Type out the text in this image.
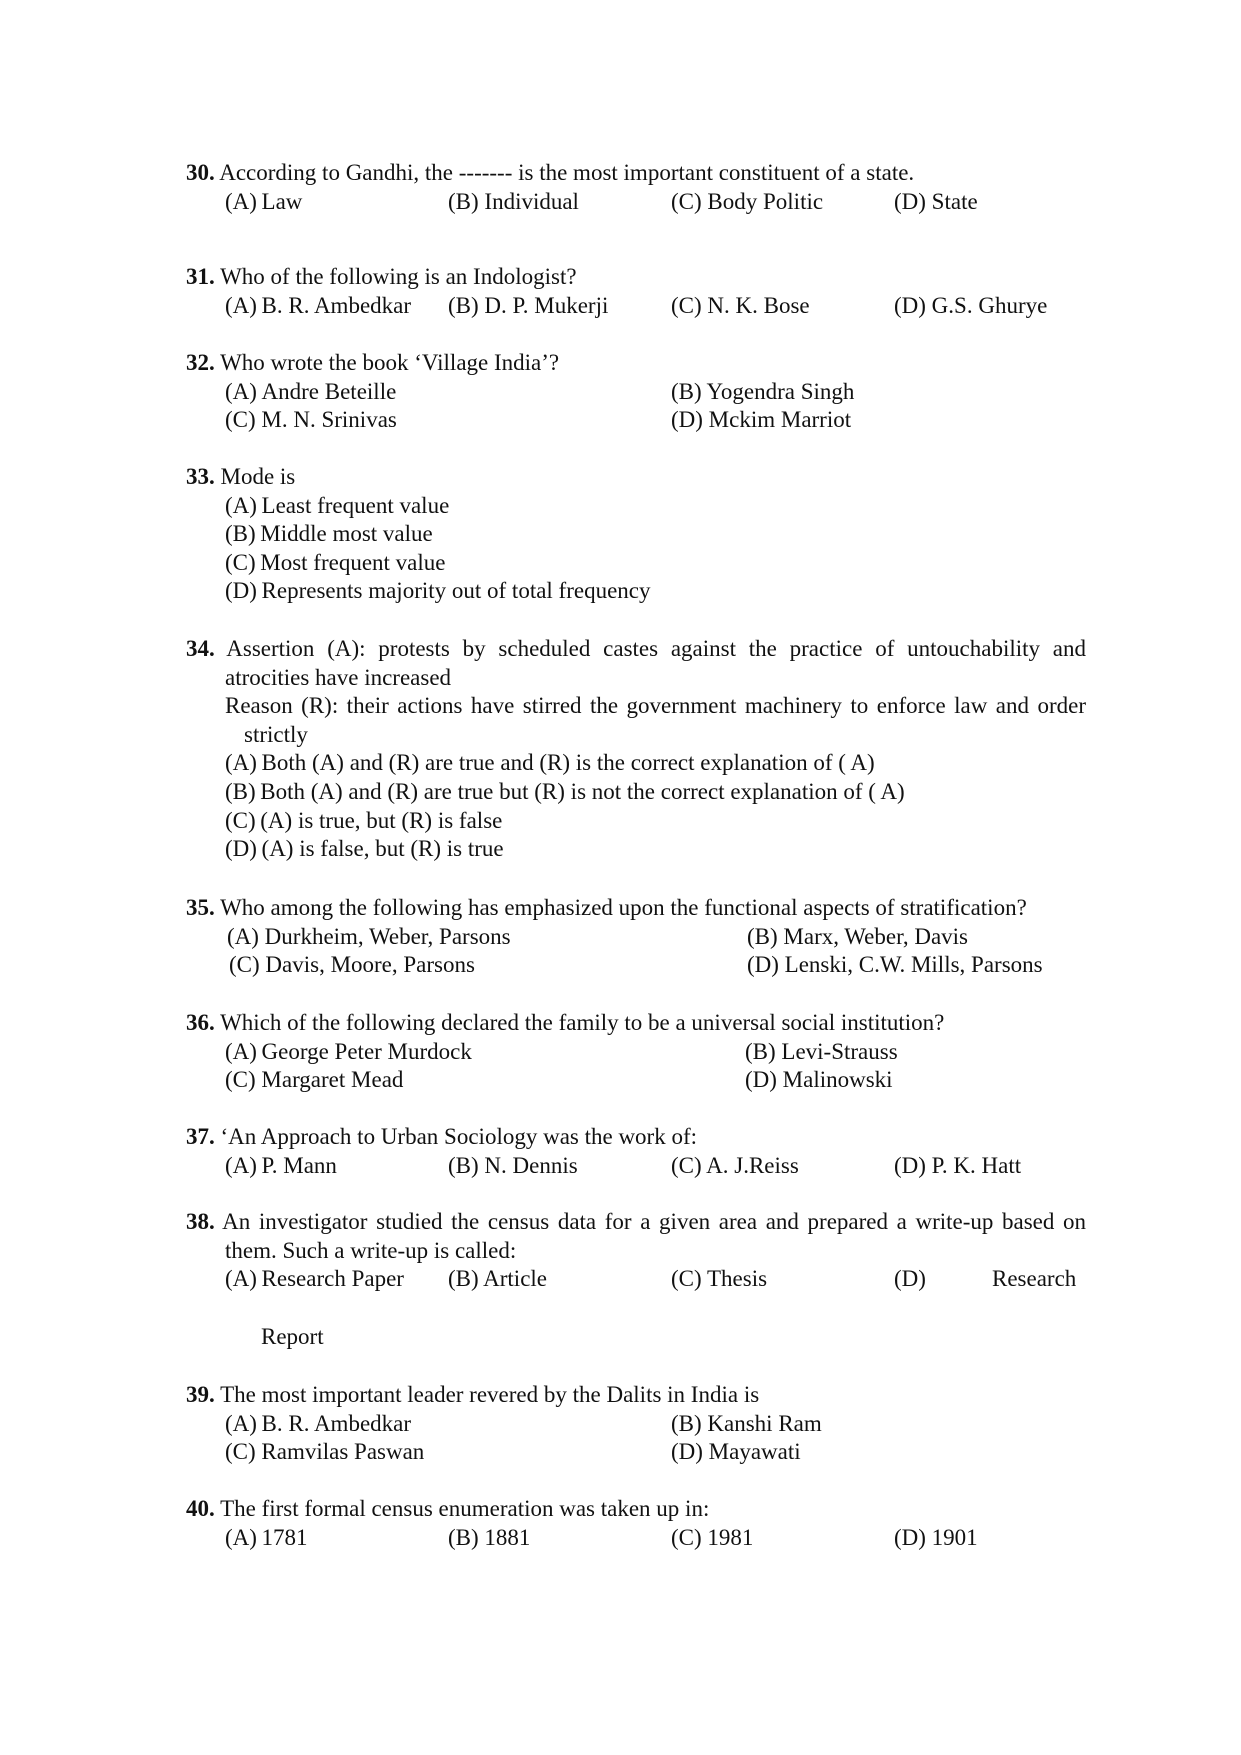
30. According to Gandhi, the ------- is the most important constituent of a state.
(A) Law	(B) Individual	(C) Body Politic	(D) State
31. Who of the following is an Indologist?
(A) B. R. Ambedkar (B) D. P. Mukerji	(C) N. K. Bose	(D) G.S. Ghurye
32. Who wrote the book ‘Village India’?
(A) Andre Beteille	(B) Yogendra Singh
(C) M. N. Srinivas	(D) Mckim Marriot
33. Mode is
(A) Least frequent value
(B) Middle most value
(C) Most frequent value
(D) Represents majority out of total frequency
34. Assertion (A): protests by scheduled castes against the practice of untouchability and atrocities have increased
Reason (R): their actions have stirred the government machinery to enforce law and order strictly
(A) Both (A) and (R) are true and (R) is the correct explanation of ( A)
(B) Both (A) and (R) are true but (R) is not the correct explanation of ( A)
(C) (A) is true, but (R) is false
(D) (A) is false, but (R) is true
35. Who among the following has emphasized upon the functional aspects of stratification?
(A) Durkheim, Weber, Parsons	(B) Marx, Weber, Davis
(C) Davis, Moore, Parsons	(D) Lenski, C.W. Mills, Parsons
36. Which of the following declared the family to be a universal social institution?
(A) George Peter Murdock	(B) Levi-Strauss
(C) Margaret Mead	(D) Malinowski
37. ‘An Approach to Urban Sociology was the work of:
(A) P. Mann	(B) N. Dennis	(C) A. J.Reiss	(D) P. K. Hatt
38. An investigator studied the census data for a given area and prepared a write-up based on them. Such a write-up is called:
(A) Research Paper (B) Article	(C) Thesis	(D)	Research
Report
39. The most important leader revered by the Dalits in India is
(A) B. R. Ambedkar	(B) Kanshi Ram
(C) Ramvilas Paswan	(D) Mayawati
40. The first formal census enumeration was taken up in:
(A) 1781	(B) 1881	(C) 1981	(D) 1901
